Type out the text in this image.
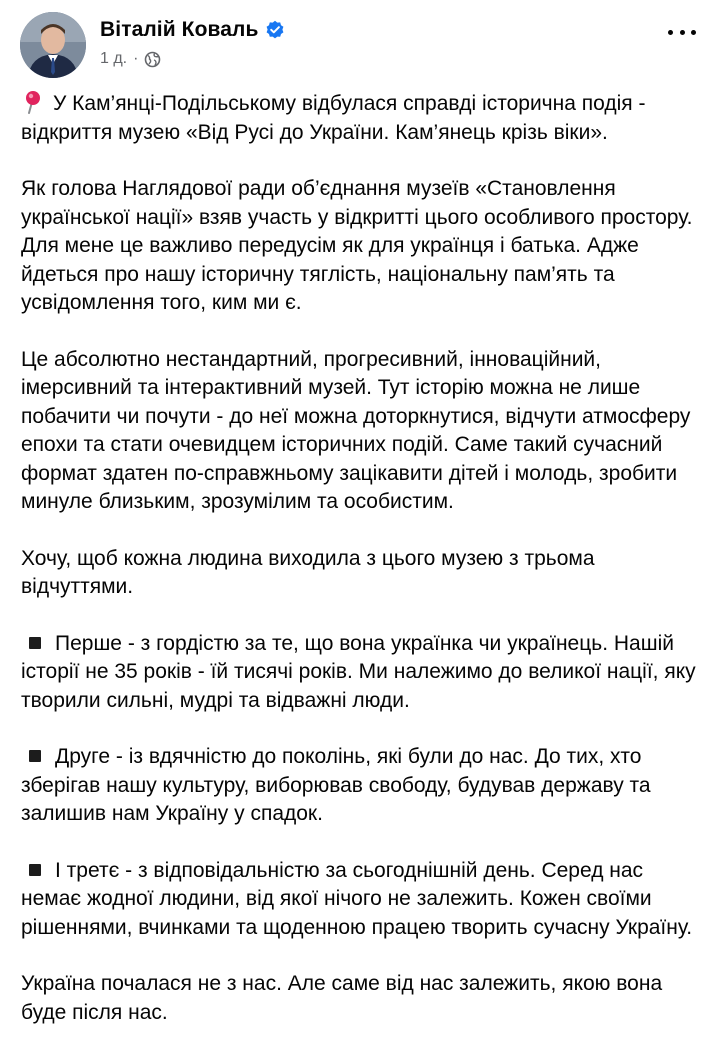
Віталій Коваль
1 д. ·

У Кам’янці-Подільському відбулася справді історична подія - відкриття музею «Від Русі до України. Кам’янець крізь віки».

Як голова Наглядової ради об’єднання музеїв «Становлення української нації» взяв участь у відкритті цього особливого простору. Для мене це важливо передусім як для українця і батька. Адже йдеться про нашу історичну тяглість, національну пам’ять та усвідомлення того, ким ми є.

Це абсолютно нестандартний, прогресивний, інноваційний, імерсивний та інтерактивний музей. Тут історію можна не лише побачити чи почути - до неї можна доторкнутися, відчути атмосферу епохи та стати очевидцем історичних подій. Саме такий сучасний формат здатен по-справжньому зацікавити дітей і молодь, зробити минуле близьким, зрозумілим та особистим.

Хочу, щоб кожна людина виходила з цього музею з трьома відчуттями.

Перше - з гордістю за те, що вона українка чи українець. Нашій історії не 35 років - їй тисячі років. Ми належимо до великої нації, яку творили сильні, мудрі та відважні люди.

Друге - із вдячністю до поколінь, які були до нас. До тих, хто зберігав нашу культуру, виборював свободу, будував державу та залишив нам Україну у спадок.

І третє - з відповідальністю за сьогоднішній день. Серед нас немає жодної людини, від якої нічого не залежить. Кожен своїми рішеннями, вчинками та щоденною працею творить сучасну Україну.

Україна почалася не з нас. Але саме від нас залежить, якою вона буде після нас.
